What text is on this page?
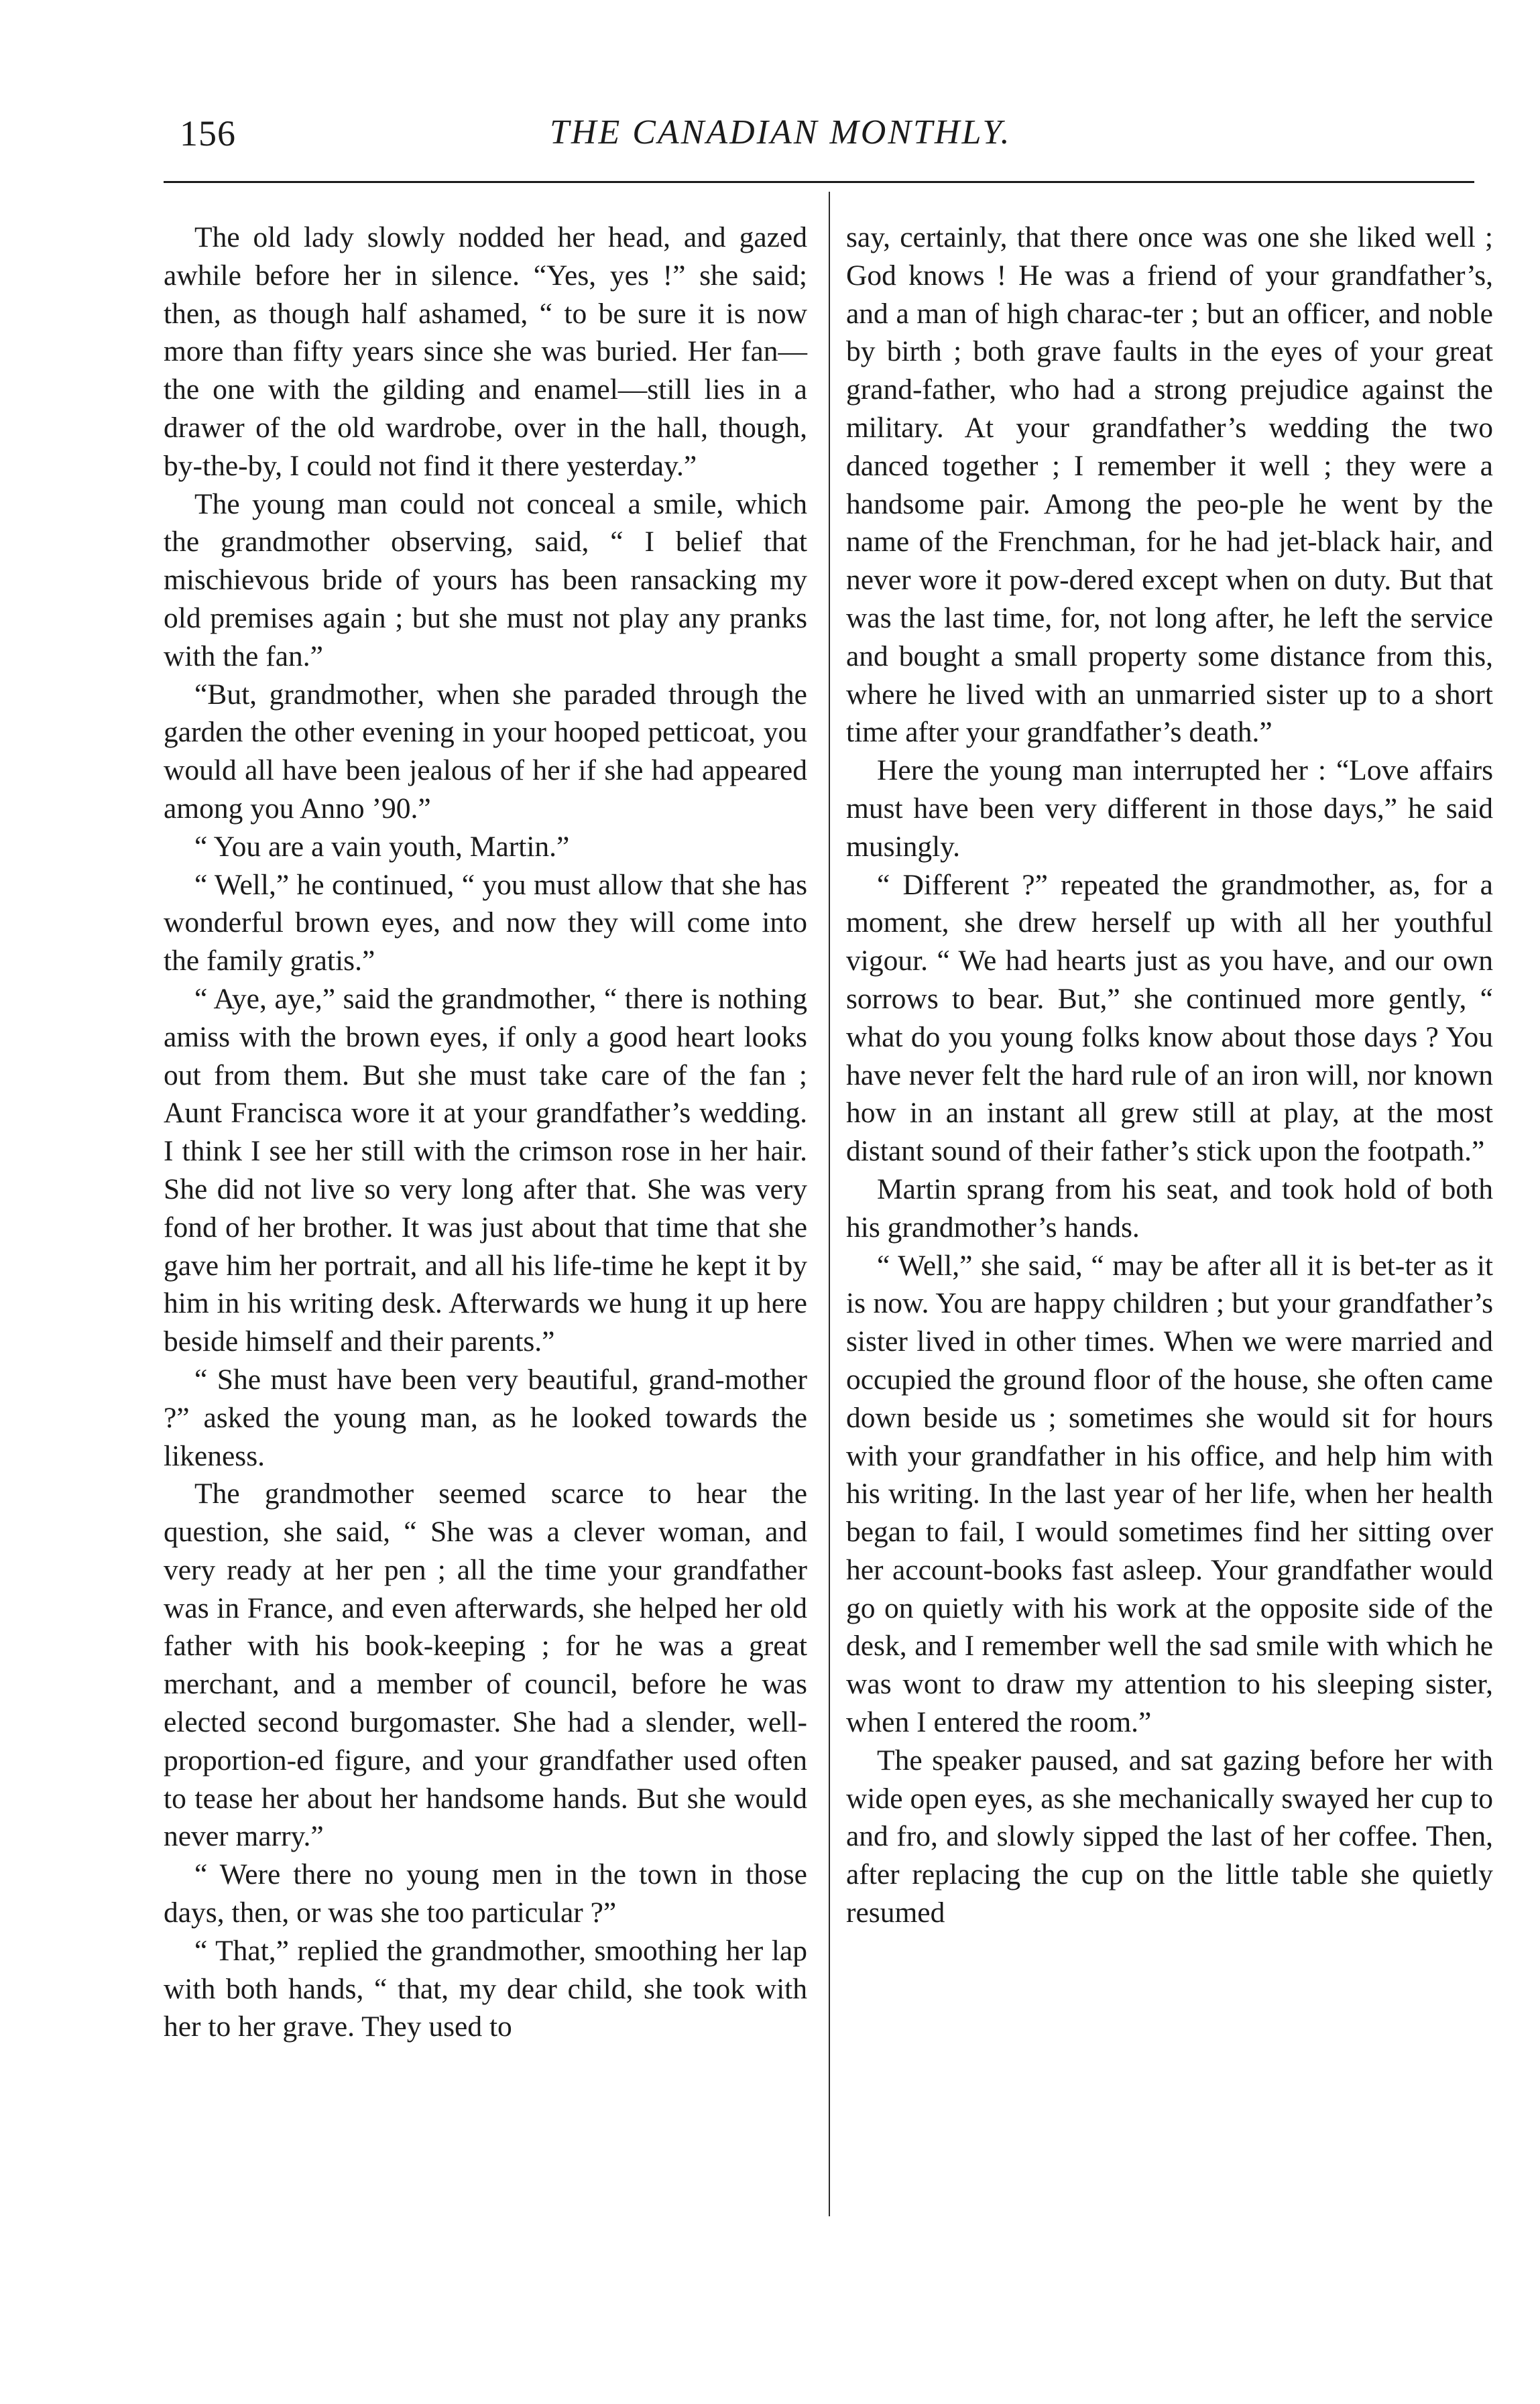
156	THE CANADIAN MONTHLY.

The old lady slowly nodded her head, and gazed awhile before her in silence. “Yes, yes !” she said; then, as though half ashamed, “ to be sure it is now more than fifty years since she was buried. Her fan—the one with the gilding and enamel—still lies in a drawer of the old wardrobe, over in the hall, though, by-the-by, I could not find it there yesterday.”

The young man could not conceal a smile, which the grandmother observing, said, “ I belief that mischievous bride of yours has been ransacking my old premises again ; but she must not play any pranks with the fan.”

“But, grandmother, when she paraded through the garden the other evening in your hooped petticoat, you would all have been jealous of her if she had appeared among you Anno ’90.”

“ You are a vain youth, Martin.”

“ Well,” he continued, “ you must allow that she has wonderful brown eyes, and now they will come into the family gratis.”

“ Aye, aye,” said the grandmother, “ there is nothing amiss with the brown eyes, if only a good heart looks out from them. But she must take care of the fan ; Aunt Francisca wore it at your grandfather’s wedding. I think I see her still with the crimson rose in her hair. She did not live so very long after that. She was very fond of her brother. It was just about that time that she gave him her portrait, and all his life-time he kept it by him in his writing desk. Afterwards we hung it up here beside himself and their parents.”

“ She must have been very beautiful, grand-mother ?” asked the young man, as he looked towards the likeness.

The grandmother seemed scarce to hear the question, she said, “ She was a clever woman, and very ready at her pen ; all the time your grandfather was in France, and even afterwards, she helped her old father with his book-keeping ; for he was a great merchant, and a member of council, before he was elected second burgomaster. She had a slender, well-proportion-ed figure, and your grandfather used often to tease her about her handsome hands. But she would never marry.”

“ Were there no young men in the town in those days, then, or was she too particular ?”

“ That,” replied the grandmother, smoothing her lap with both hands, “ that, my dear child, she took with her to her grave. They used to

say, certainly, that there once was one she liked well ; God knows ! He was a friend of your grandfather’s, and a man of high charac-ter ; but an officer, and noble by birth ; both grave faults in the eyes of your great grand-father, who had a strong prejudice against the military. At your grandfather’s wedding the two danced together ; I remember it well ; they were a handsome pair. Among the peo-ple he went by the name of the Frenchman, for he had jet-black hair, and never wore it pow-dered except when on duty. But that was the last time, for, not long after, he left the service and bought a small property some distance from this, where he lived with an unmarried sister up to a short time after your grandfather’s death.”

Here the young man interrupted her : “Love affairs must have been very different in those days,” he said musingly.

“ Different ?” repeated the grandmother, as, for a moment, she drew herself up with all her youthful vigour. “ We had hearts just as you have, and our own sorrows to bear. But,” she continued more gently, “ what do you young folks know about those days ? You have never felt the hard rule of an iron will, nor known how in an instant all grew still at play, at the most distant sound of their father’s stick upon the footpath.”

Martin sprang from his seat, and took hold of both his grandmother’s hands.

“ Well,” she said, “ may be after all it is bet-ter as it is now. You are happy children ; but your grandfather’s sister lived in other times. When we were married and occupied the ground floor of the house, she often came down beside us ; sometimes she would sit for hours with your grandfather in his office, and help him with his writing. In the last year of her life, when her health began to fail, I would sometimes find her sitting over her account-books fast asleep. Your grandfather would go on quietly with his work at the opposite side of the desk, and I remember well the sad smile with which he was wont to draw my attention to his sleeping sister, when I entered the room.”

The speaker paused, and sat gazing before her with wide open eyes, as she mechanically swayed her cup to and fro, and slowly sipped the last of her coffee. Then, after replacing the cup on the little table she quietly resumed
